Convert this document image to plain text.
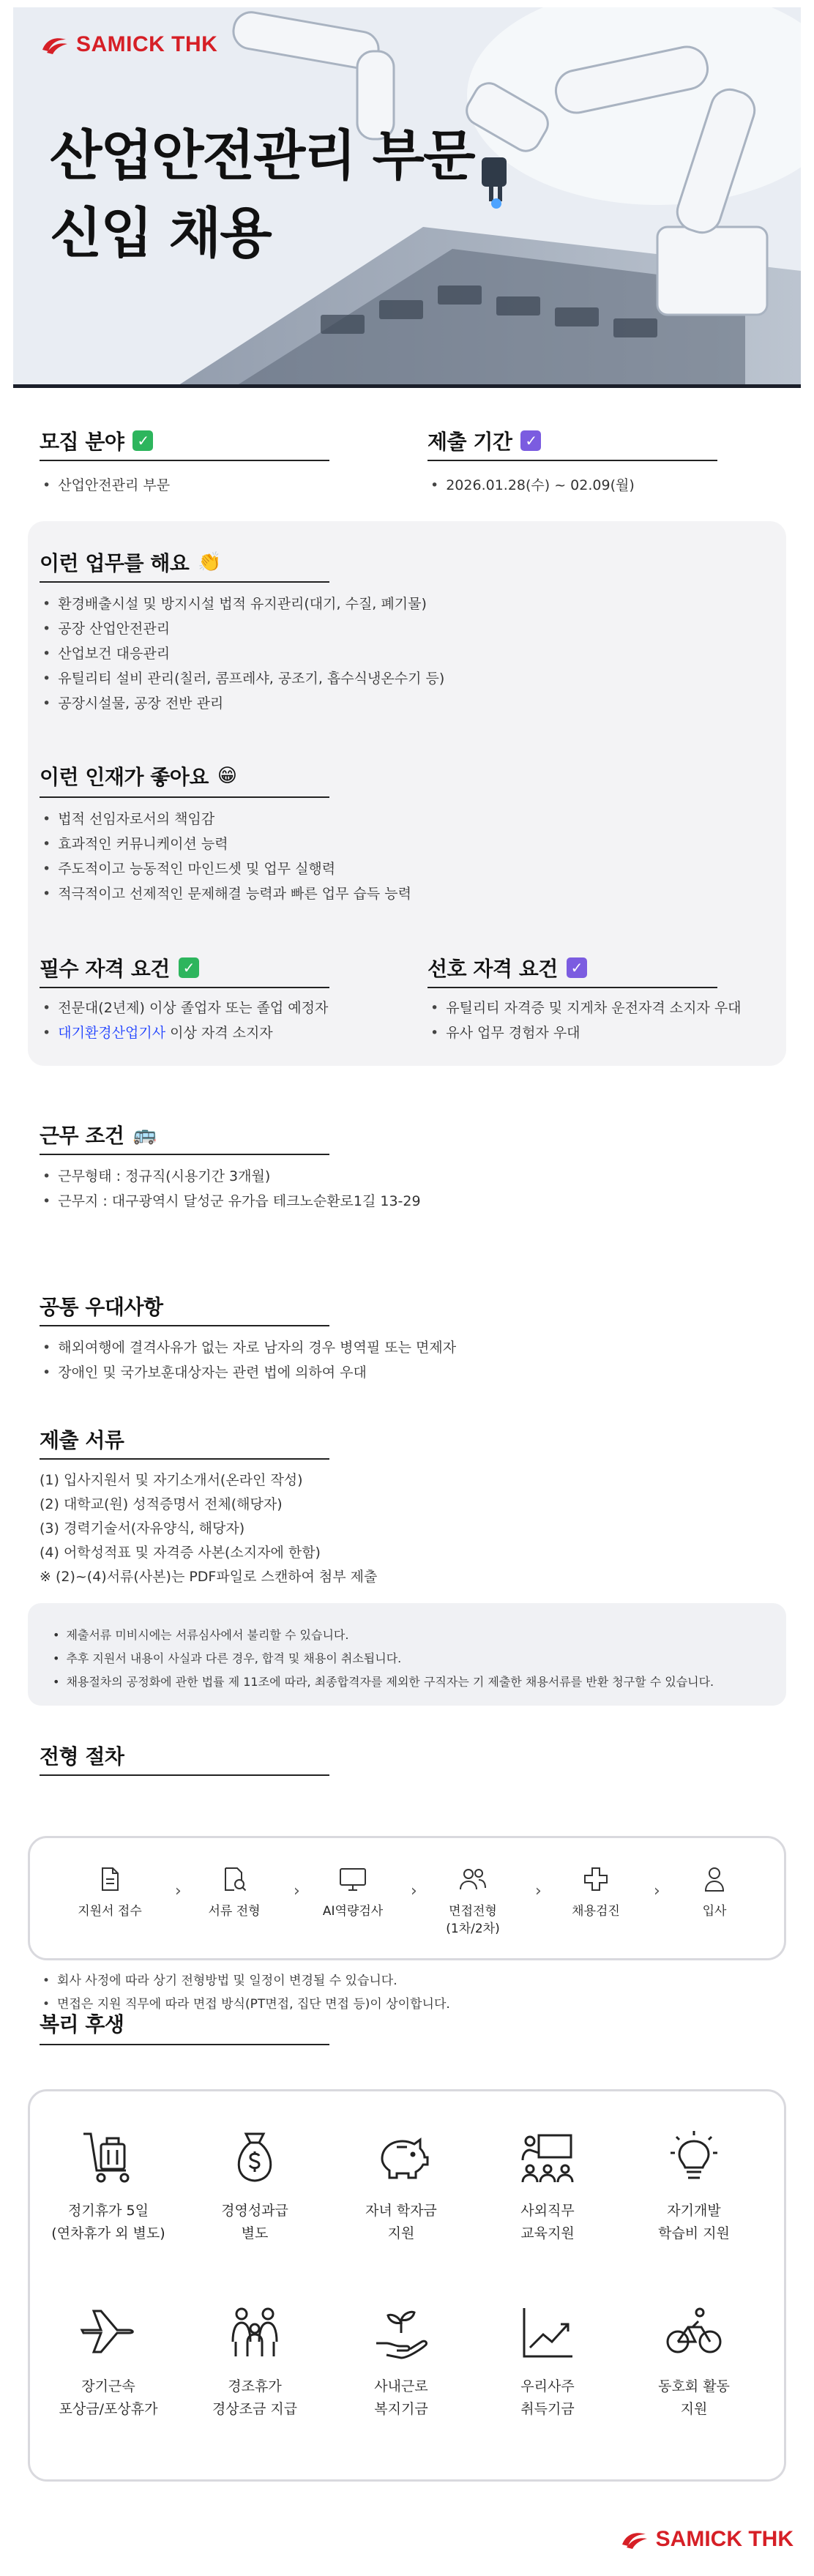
SAMICK THK
산업안전관리 부문
신입 채용
모집 분야 ✓
• 산업안전관리 부문
제출 기간 ✓
• 2026.01.28(수) ~ 02.09(월)
이런 업무를 해요 👏
• 환경배출시설 및 방지시설 법적 유지관리(대기, 수질, 폐기물)
• 공장 산업안전관리
• 산업보건 대응관리
• 유틸리티 설비 관리(칠러, 콤프레샤, 공조기, 흡수식냉온수기 등)
• 공장시설물, 공장 전반 관리
이런 인재가 좋아요 😁
• 법적 선임자로서의 책임감
• 효과적인 커뮤니케이션 능력
• 주도적이고 능동적인 마인드셋 및 업무 실행력
• 적극적이고 선제적인 문제해결 능력과 빠른 업무 습득 능력
필수 자격 요건 ✓
• 전문대(2년제) 이상 졸업자 또는 졸업 예정자
• 대기환경산업기사 이상 자격 소지자
선호 자격 요건 ✓
• 유틸리티 자격증 및 지게차 운전자격 소지자 우대
• 유사 업무 경험자 우대
근무 조건 🚌
• 근무형태 : 정규직(시용기간 3개월)
• 근무지 : 대구광역시 달성군 유가읍 테크노순환로1길 13-29
공통 우대사항
• 해외여행에 결격사유가 없는 자로 남자의 경우 병역필 또는 면제자
• 장애인 및 국가보훈대상자는 관련 법에 의하여 우대
제출 서류
(1) 입사지원서 및 자기소개서(온라인 작성)
(2) 대학교(원) 성적증명서 전체(해당자)
(3) 경력기술서(자유양식, 해당자)
(4) 어학성적표 및 자격증 사본(소지자에 한함)
※ (2)~(4)서류(사본)는 PDF파일로 스캔하여 첨부 제출
• 제출서류 미비시에는 서류심사에서 불리할 수 있습니다.
• 추후 지원서 내용이 사실과 다른 경우, 합격 및 채용이 취소됩니다.
• 채용절차의 공정화에 관한 법률 제 11조에 따라, 최종합격자를 제외한 구직자는 기 제출한 채용서류를 반환 청구할 수 있습니다.
전형 절차
지원서 접수
›
서류 전형
›
AI역량검사
›
면접전형
(1차/2차)
›
채용검진
›
입사
• 회사 사정에 따라 상기 전형방법 및 일정이 변경될 수 있습니다.
• 면접은 지원 직무에 따라 면접 방식(PT면접, 집단 면접 등)이 상이합니다.
복리 후생
정기휴가 5일
(연차휴가 외 별도)
경영성과급
별도
자녀 학자금
지원
사외직무
교육지원
자기개발
학습비 지원
장기근속
포상금/포상휴가
경조휴가
경상조금 지급
사내근로
복지기금
우리사주
취득기금
동호회 활동
지원
SAMICK THK
